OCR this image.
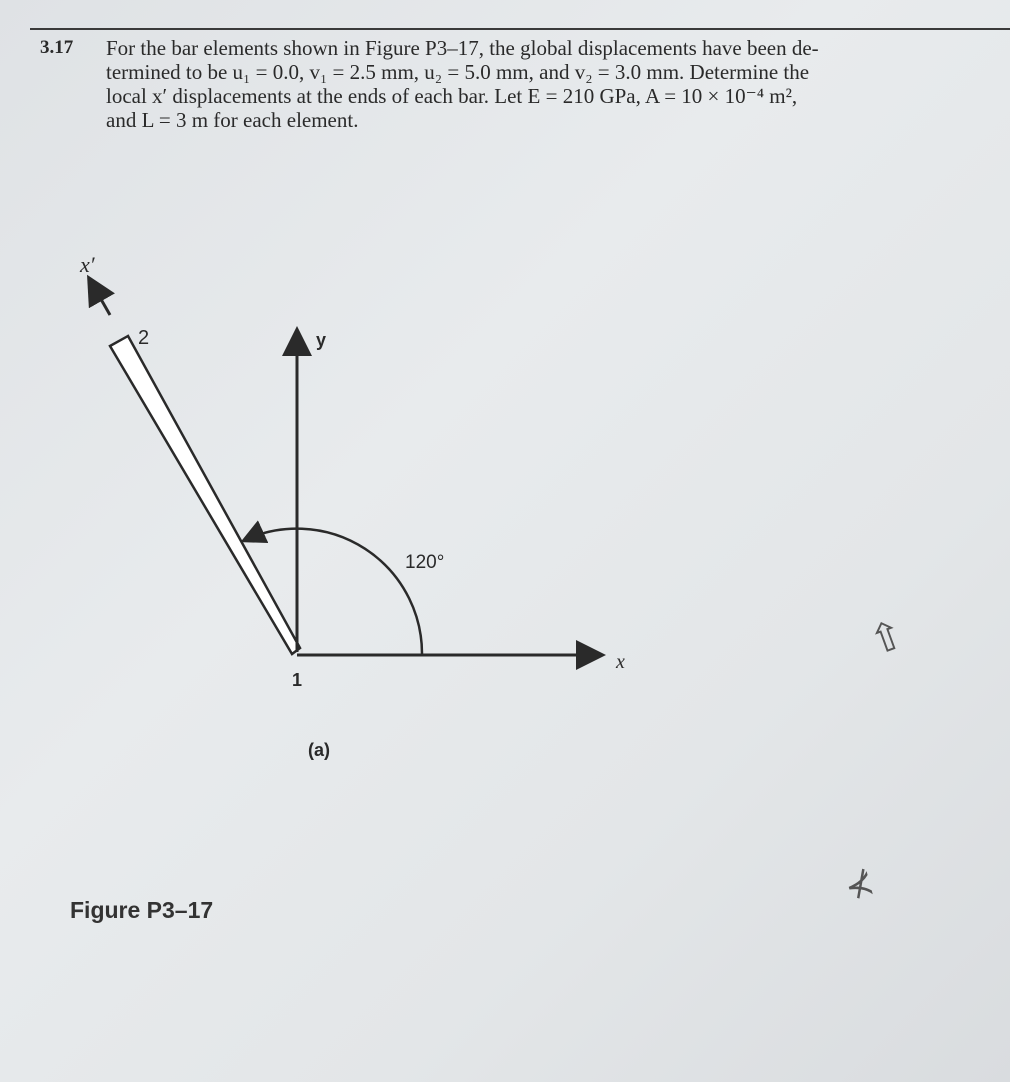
3.17 For the bar elements shown in Figure P3–17, the global displacements have been de-
termined to be u₁ = 0.0, v₁ = 2.5 mm, u₂ = 5.0 mm, and v₂ = 3.0 mm. Determine the
local x′ displacements at the ends of each bar. Let E = 210 GPa, A = 10 × 10⁻⁴ m²,
and L = 3 m for each element.
x′
2	y
x
120°
1
(a)
Figure P3–17
⇧
⊀
